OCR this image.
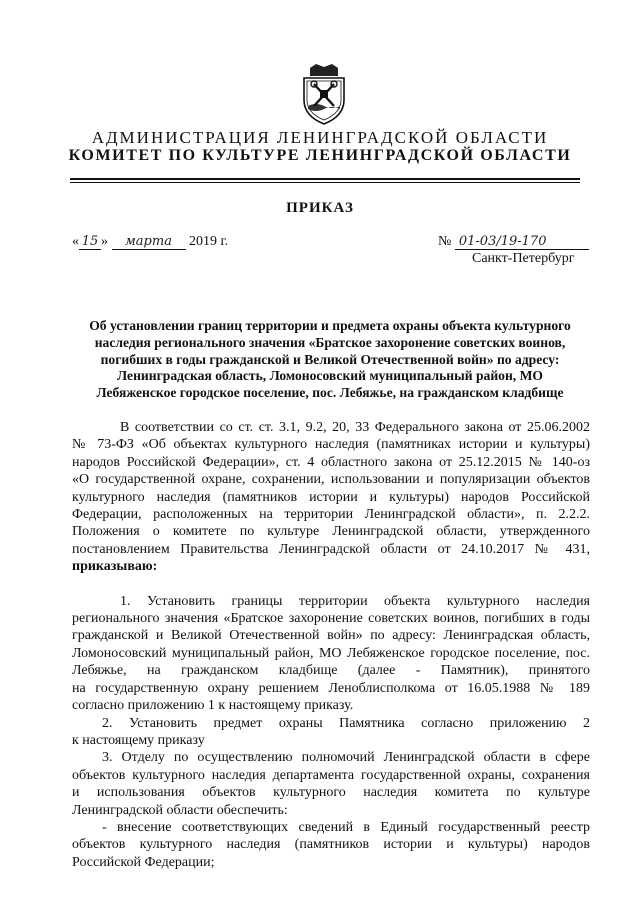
АДМИНИСТРАЦИЯ ЛЕНИНГРАДСКОЙ ОБЛАСТИ
КОМИТЕТ ПО КУЛЬТУРЕ ЛЕНИНГРАДСКОЙ ОБЛАСТИ
ПРИКАЗ
« 15 » марта 2019 г.	№ 01-03/19-170
Санкт-Петербург
Об установлении границ территории и предмета охраны объекта культурного
наследия регионального значения «Братское захоронение советских воинов,
погибших в годы гражданской и Великой Отечественной войн» по адресу:
Ленинградская область, Ломоносовский муниципальный район, МО
Лебяженское городское поселение, пос. Лебяжье, на гражданском кладбище
В соответствии со ст. ст. 3.1, 9.2, 20, 33 Федерального закона от 25.06.2002
№ 73-ФЗ «Об объектах культурного наследия (памятниках истории и культуры)
народов Российской Федерации», ст. 4 областного закона от 25.12.2015 № 140-оз
«О государственной охране, сохранении, использовании и популяризации объектов
культурного наследия (памятников истории и культуры) народов Российской
Федерации, расположенных на территории Ленинградской области», п. 2.2.2.
Положения о комитете по культуре Ленинградской области, утвержденного
постановлением Правительства Ленинградской области от 24.10.2017 № 431,
приказываю:
1. Установить границы территории объекта культурного наследия
регионального значения «Братское захоронение советских воинов, погибших в годы
гражданской и Великой Отечественной войн» по адресу: Ленинградская область,
Ломоносовский муниципальный район, МО Лебяженское городское поселение, пос.
Лебяжье, на гражданском кладбище (далее - Памятник), принятого
на государственную охрану решением Леноблисполкома от 16.05.1988 № 189
согласно приложению 1 к настоящему приказу.
2. Установить предмет охраны Памятника согласно приложению 2
к настоящему приказу
3. Отделу по осуществлению полномочий Ленинградской области в сфере
объектов культурного наследия департамента государственной охраны, сохранения
и использования объектов культурного наследия комитета по культуре
Ленинградской области обеспечить:
- внесение соответствующих сведений в Единый государственный реестр
объектов культурного наследия (памятников истории и культуры) народов
Российской Федерации;
